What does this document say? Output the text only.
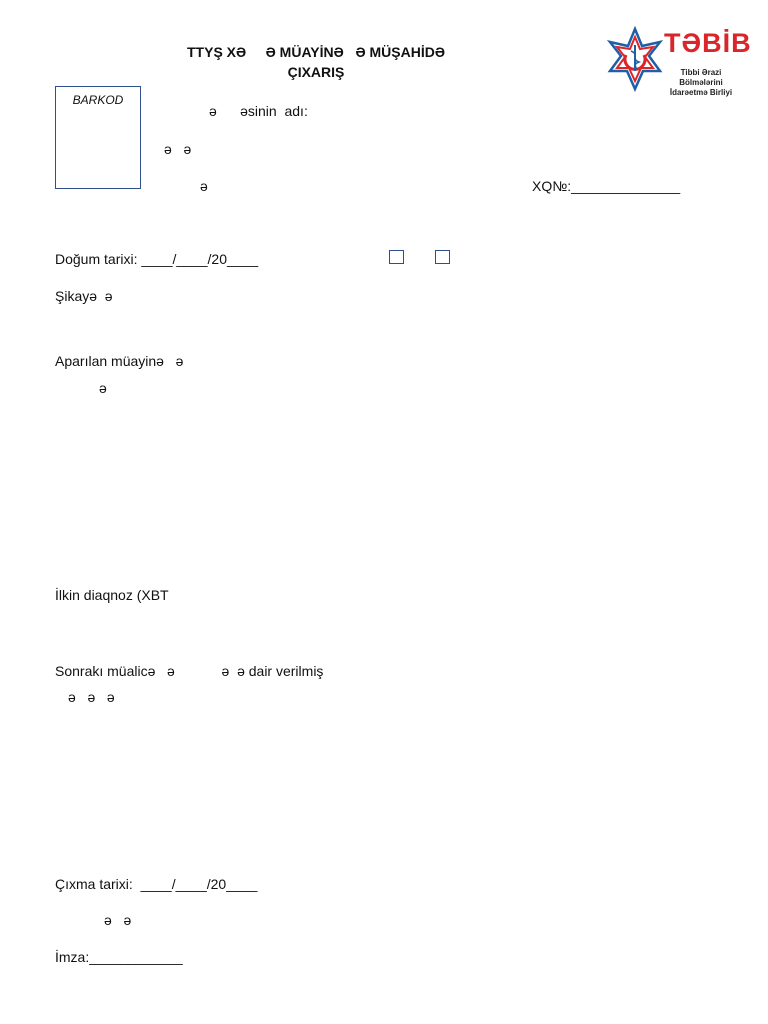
TTYŞ XƏ     Ə MÜAYİNƏ   Ə MÜŞAHİDƏ
ÇIXARIŞ
TƏBİB
Tibbi Ərazi Bölmələrini
İdarəetmə Birliyi
BARKOD
ə      əsinin  adı:
ə   ə
ə	XQ№:______________
Doğum tarixi: ____/____/20____
Şikayə  ə
Aparılan müayinə   ə
ə
İlkin diaqnoz (XBT
Sonrakı müalicə   ə            ə  ə dair verilmiş
ə   ə   ə
Çıxma tarixi:  ____/____/20____
ə   ə
İmza:____________
